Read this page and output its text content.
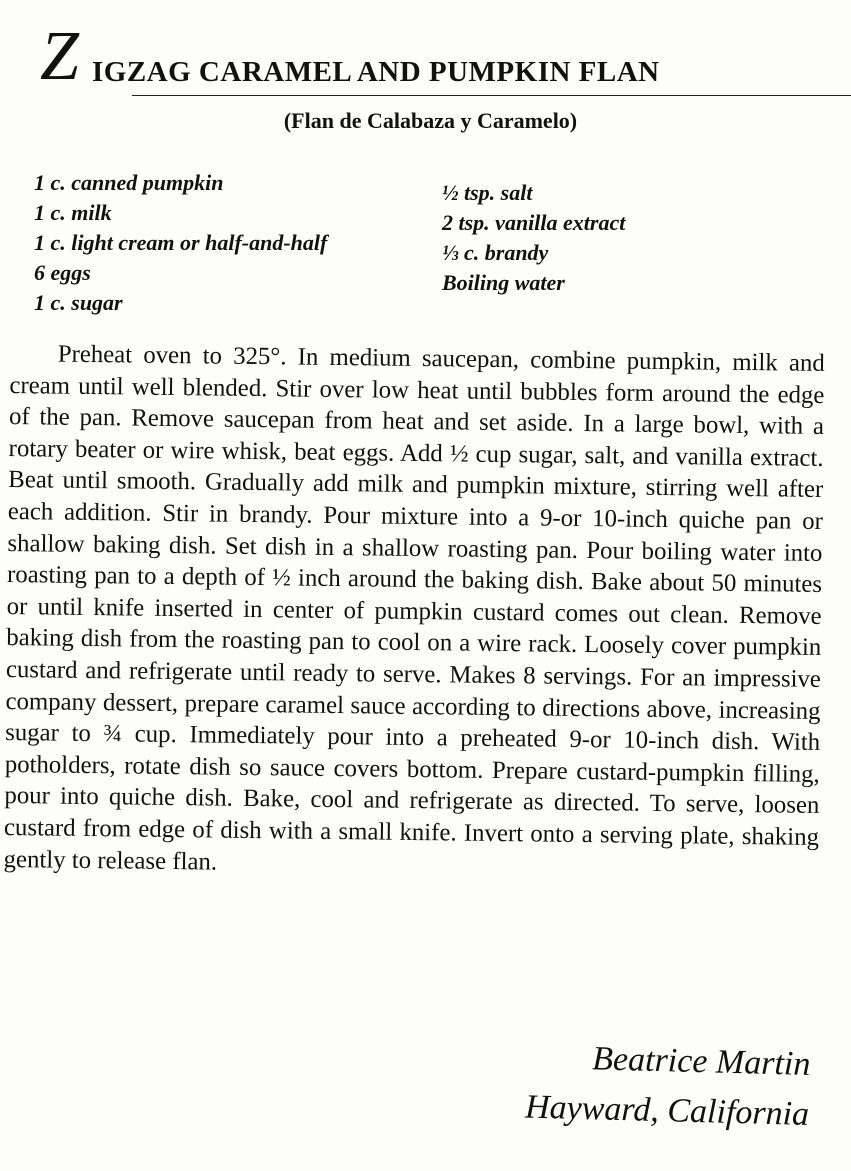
Z IGZAG CARAMEL AND PUMPKIN FLAN
(Flan de Calabaza y Caramelo)
1 c. canned pumpkin
1 c. milk
1 c. light cream or half-and-half
6 eggs
1 c. sugar
½ tsp. salt
2 tsp. vanilla extract
⅓ c. brandy
Boiling water

Preheat oven to 325°. In medium saucepan, combine pumpkin, milk and cream until well blended. Stir over low heat until bubbles form around the edge of the pan. Remove saucepan from heat and set aside. In a large bowl, with a rotary beater or wire whisk, beat eggs. Add ½ cup sugar, salt, and vanilla extract. Beat until smooth. Gradually add milk and pumpkin mixture, stirring well after each addition. Stir in brandy. Pour mixture into a 9-or 10-inch quiche pan or shallow baking dish. Set dish in a shallow roasting pan. Pour boiling water into roasting pan to a depth of ½ inch around the baking dish. Bake about 50 minutes or until knife inserted in center of pumpkin custard comes out clean. Remove baking dish from the roasting pan to cool on a wire rack. Loosely cover pumpkin custard and refrigerate until ready to serve. Makes 8 servings. For an impressive company dessert, prepare caramel sauce according to directions above, increasing sugar to ¾ cup. Immediately pour into a preheated 9-or 10-inch dish. With potholders, rotate dish so sauce covers bottom. Prepare custard-pumpkin filling, pour into quiche dish. Bake, cool and refrigerate as directed. To serve, loosen custard from edge of dish with a small knife. Invert onto a serving plate, shaking gently to release flan.

Beatrice Martin
Hayward, California
